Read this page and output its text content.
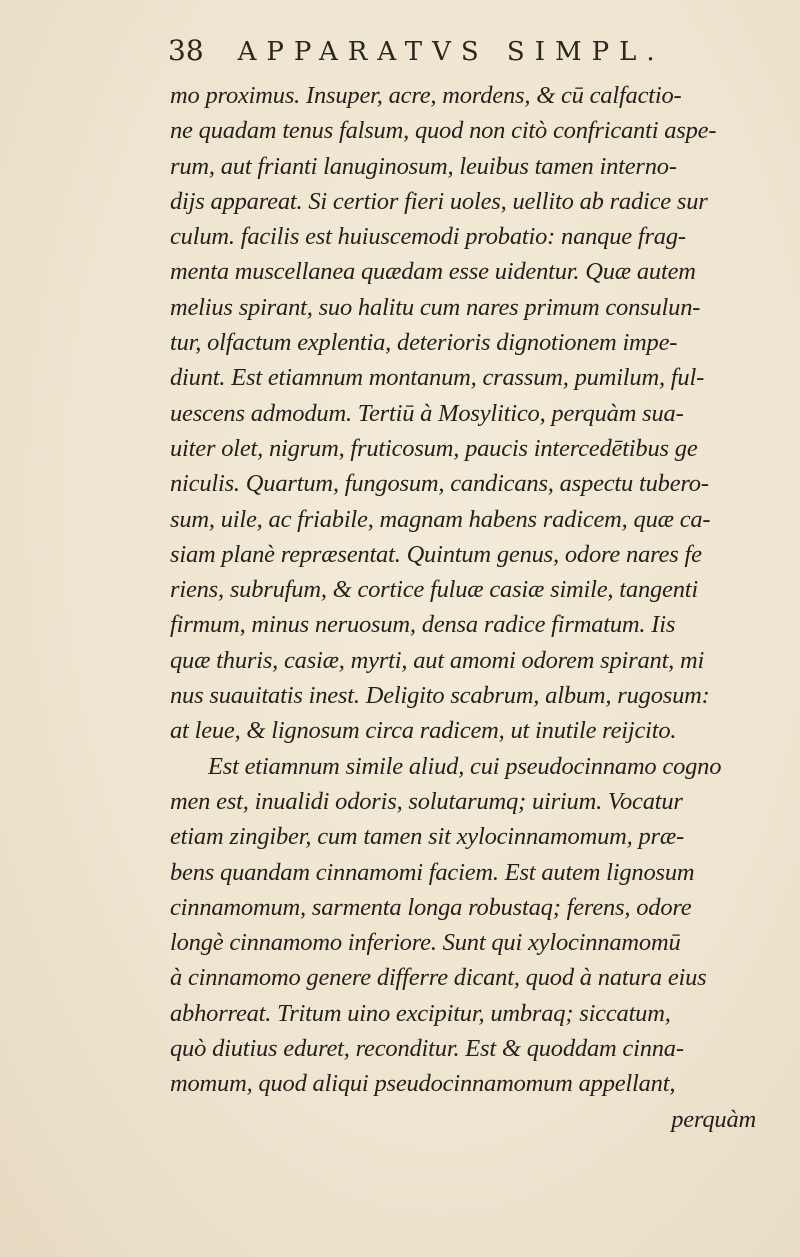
38 APPARATVS SIMPL.
mo proximus. Insuper, acre, mordens, & cū calfactio-
ne quadam tenus falsum, quod non citò confricanti aspe-
rum, aut frianti lanuginosum, leuibus tamen interno-
dijs appareat. Si certior fieri uoles, uellito ab radice sur
culum. facilis est huiuscemodi probatio: nanque frag-
menta muscellanea quædam esse uidentur. Quæ autem
melius spirant, suo halitu cum nares primum consulun-
tur, olfactum explentia, deterioris dignotionem impe-
diunt. Est etiamnum montanum, crassum, pumilum, ful-
uescens admodum. Tertiū à Mosylitico, perquàm sua-
uiter olet, nigrum, fruticosum, paucis intercedētibus ge
niculis. Quartum, fungosum, candicans, aspectu tubero-
sum, uile, ac friabile, magnam habens radicem, quæ ca-
siam planè repræsentat. Quintum genus, odore nares fe
riens, subrufum, & cortice fuluæ casiæ simile, tangenti
firmum, minus neruosum, densa radice firmatum. Iis
quæ thuris, casiæ, myrti, aut amomi odorem spirant, mi
nus suauitatis inest. Deligito scabrum, album, rugosum:
at leue, & lignosum circa radicem, ut inutile reijcito.
Est etiamnum simile aliud, cui pseudocinnamo cogno
men est, inualidi odoris, solutarumq; uirium. Vocatur
etiam zingiber, cum tamen sit xylocinnamomum, præ-
bens quandam cinnamomi faciem. Est autem lignosum
cinnamomum, sarmenta longa robustaq; ferens, odore
longè cinnamomo inferiore. Sunt qui xylocinnamomū
à cinnamomo genere differre dicant, quod à natura eius
abhorreat. Tritum uino excipitur, umbraq; siccatum,
quò diutius eduret, reconditur. Est & quoddam cinna-
momum, quod aliqui pseudocinnamomum appellant,
perquàm
